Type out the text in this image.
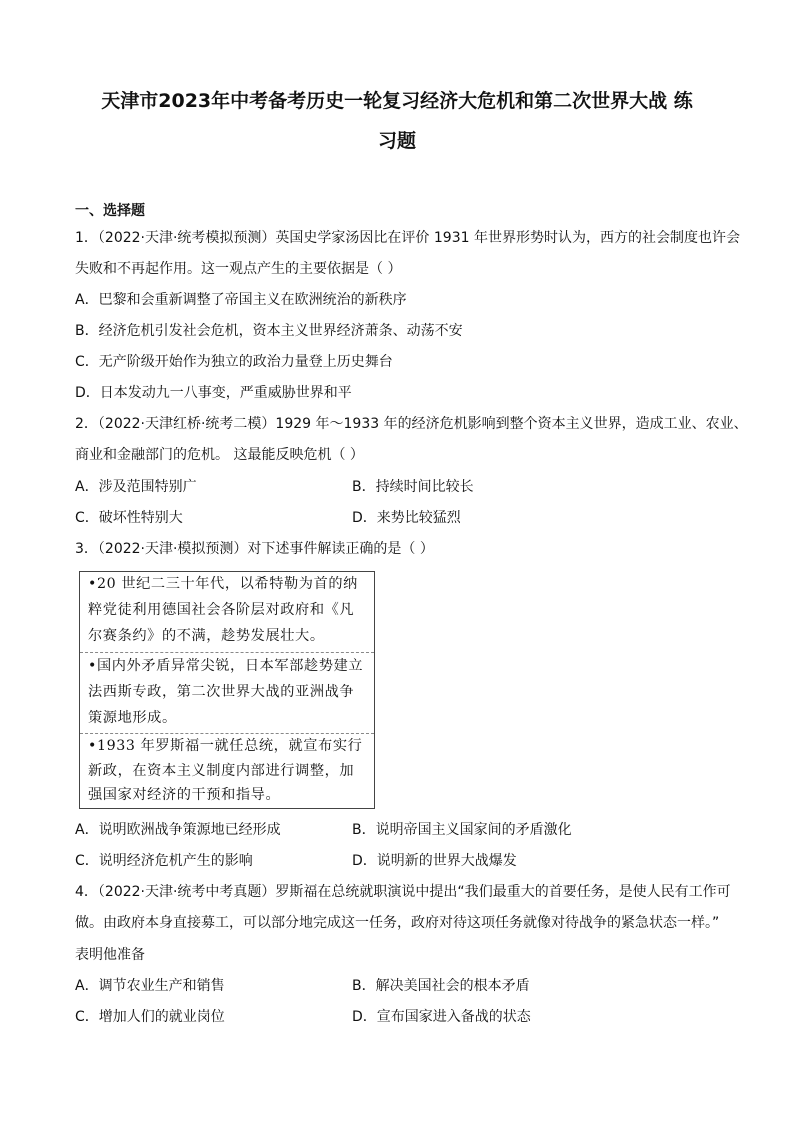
天津市2023年中考备考历史一轮复习经济大危机和第二次世界大战 练
习题
一、选择题
1．（2022·天津·统考模拟预测）英国史学家汤因比在评价 1931 年世界形势时认为，西方的社会制度也许会
失败和不再起作用。这一观点产生的主要依据是（ ）
A．巴黎和会重新调整了帝国主义在欧洲统治的新秩序
B．经济危机引发社会危机，资本主义世界经济萧条、动荡不安
C．无产阶级开始作为独立的政治力量登上历史舞台
D．日本发动九一八事变，严重威胁世界和平
2．（2022·天津红桥·统考二模）1929 年～1933 年的经济危机影响到整个资本主义世界，造成工业、农业、
商业和金融部门的危机。 这最能反映危机（ ）
A．涉及范围特别广	B．持续时间比较长
C．破坏性特别大	D．来势比较猛烈
3．（2022·天津·模拟预测）对下述事件解读正确的是（ ）
•20 世纪二三十年代，以希特勒为首的纳
粹党徒利用德国社会各阶层对政府和《凡
尔赛条约》的不满，趁势发展壮大。
•国内外矛盾异常尖锐，日本军部趁势建立
法西斯专政，第二次世界大战的亚洲战争
策源地形成。
•1933 年罗斯福一就任总统，就宣布实行
新政，在资本主义制度内部进行调整，加
强国家对经济的干预和指导。
A．说明欧洲战争策源地已经形成	B．说明帝国主义国家间的矛盾激化
C．说明经济危机产生的影响	D．说明新的世界大战爆发
4．（2022·天津·统考中考真题）罗斯福在总统就职演说中提出“我们最重大的首要任务，是使人民有工作可
做。由政府本身直接募工，可以部分地完成这一任务，政府对待这项任务就像对待战争的紧急状态一样。”
表明他准备
A．调节农业生产和销售	B．解决美国社会的根本矛盾
C．增加人们的就业岗位	D．宣布国家进入备战的状态
